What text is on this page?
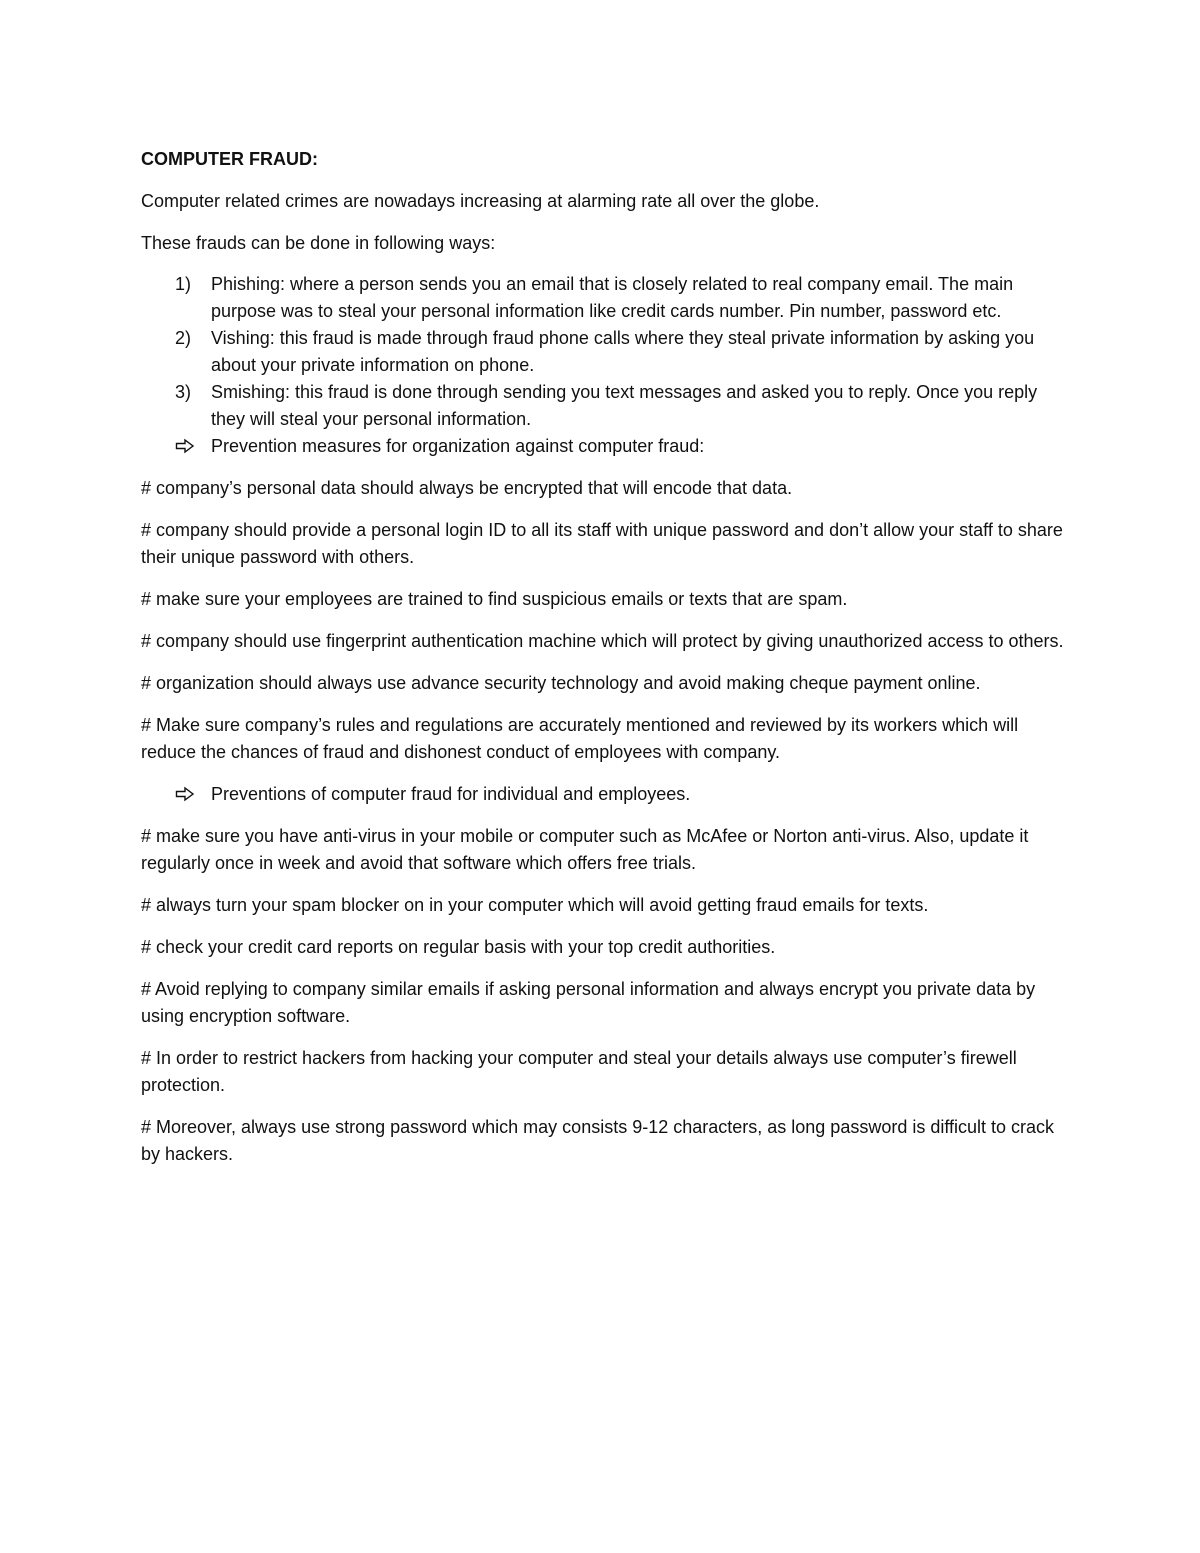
COMPUTER FRAUD:
Computer related crimes are nowadays increasing at alarming rate all over the globe.
These frauds can be done in following ways:
1) Phishing: where a person sends you an email that is closely related to real company email. The main purpose was to steal your personal information like credit cards number. Pin number, password etc.
2) Vishing: this fraud is made through fraud phone calls where they steal private information by asking you about your private information on phone.
3) Smishing: this fraud is done through sending you text messages and asked you to reply. Once you reply they will steal your personal information.
Prevention measures for organization against computer fraud:
# company’s personal data should always be encrypted that will encode that data.
# company should provide a personal login ID to all its staff with unique password and don’t allow your staff to share their unique password with others.
# make sure your employees are trained to find suspicious emails or texts that are spam.
# company should use fingerprint authentication machine which will protect by giving unauthorized access to others.
# organization should always use advance security technology and avoid making cheque payment online.
# Make sure company’s rules and regulations are accurately mentioned and reviewed by its workers which will reduce the chances of fraud and dishonest conduct of employees with company.
Preventions of computer fraud for individual and employees.
# make sure you have anti-virus in your mobile or computer such as McAfee or Norton anti-virus. Also, update it regularly once in week and avoid that software which offers free trials.
# always turn your spam blocker on in your computer which will avoid getting fraud emails for texts.
# check your credit card reports on regular basis with your top credit authorities.
# Avoid replying to company similar emails if asking personal information and always encrypt you private data by using encryption software.
# In order to restrict hackers from hacking your computer and steal your details always use computer’s firewell protection.
# Moreover, always use strong password which may consists 9-12 characters, as long password is difficult to crack by hackers.
